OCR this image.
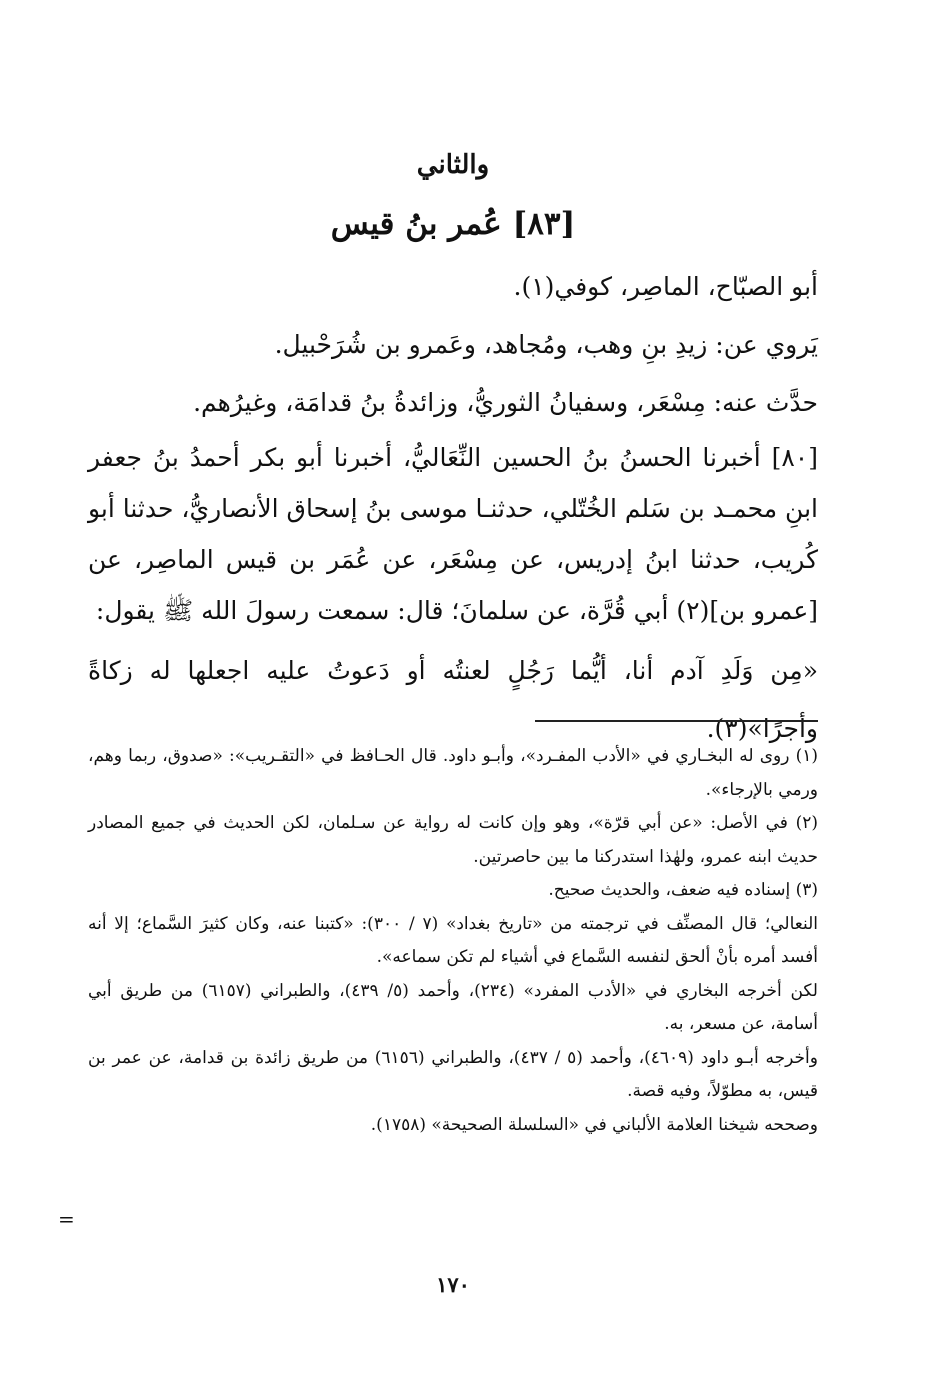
والثاني
[٨٣] عُمر بنُ قيس

أبو الصبّاح، الماصِر، كوفي(١).

يَروي عن: زيدِ بنِ وهب، ومُجاهد، وعَمرو بن شُرَحْبيل.

حدَّث عنه: مِسْعَر، وسفيانُ الثوريُّ، وزائدةُ بنُ قدامَة، وغيرُهم.

[٨٠] أخبرنا الحسنُ بنُ الحسين النِّعَاليُّ، أخبرنا أبو بكر أحمدُ بنُ جعفر ابنِ محمـد بن سَلم الخُتّلي، حدثنـا موسى بنُ إسحاق الأنصاريُّ، حدثنا أبو كُريب، حدثنا ابنُ إدريس، عن مِسْعَر، عن عُمَر بن قيس الماصِر، عن [عمرو بن](٢) أبي قُرَّة، عن سلمانَ؛ قال: سمعت رسولَ الله ﷺ يقول:

«مِن وَلَدِ آدم أنا، أيُّما رَجُلٍ لعنتُه أو دَعوتُ عليه اجعلها له زكاةً وأجرًا»(٣).

(١) روى له البخـاري في «الأدب المفـرد»، وأبـو داود. قال الحـافظ في «التقـريب»: «صدوق، ربما وهم، ورمي بالإرجاء».

(٢) في الأصل: «عن أبي قرّة»، وهو وإن كانت له رواية عن سـلمان، لكن الحديث في جميع المصادر حديث ابنه عمرو، ولهٰذا استدركنا ما بين حاصرتين.

(٣) إسناده فيه ضعف، والحديث صحيح.

النعالي؛ قال المصنِّف في ترجمته من «تاريخ بغداد» (٧ / ٣٠٠): «كتبنا عنه، وكان كثيرَ السَّماع؛ إلا أنه أفسد أمره بأنْ ألحق لنفسه السَّماع في أشياء لم تكن سماعه».

لكن أخرجه البخاري في «الأدب المفرد» (٢٣٤)، وأحمد (٥/ ٤٣٩)، والطبراني (٦١٥٧) من طريق أبي أسامة، عن مسعر، به.

وأخرجه أبـو داود (٤٦٠٩)، وأحمد (٥ / ٤٣٧)، والطبراني (٦١٥٦) من طريق زائدة بن قدامة، عن عمر بن قيس، به مطوّلاً، وفيه قصة.

وصححه شيخنا العلامة الألباني في «السلسلة الصحيحة» (١٧٥٨).

١٧٠
=
